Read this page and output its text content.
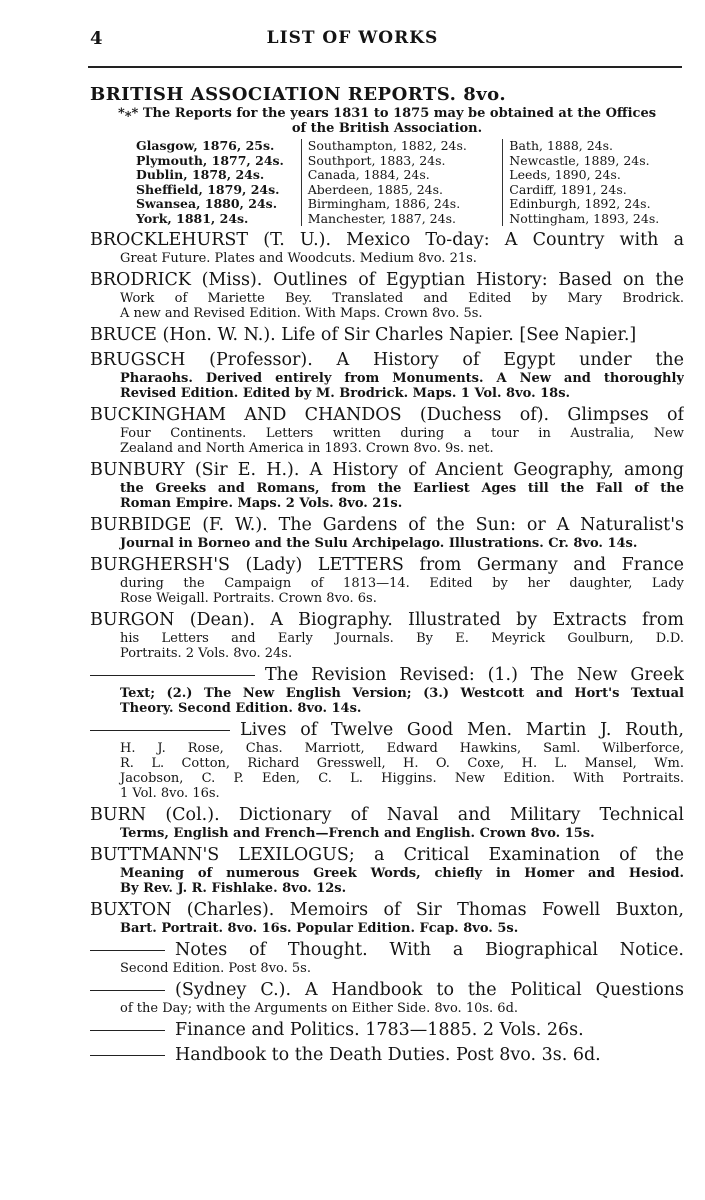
4	LIST OF WORKS
BRITISH ASSOCIATION REPORTS. 8vo.
*⁎* The Reports for the years 1831 to 1875 may be obtained at the Offices
of the British Association.
Glasgow, 1876, 25s.
Plymouth, 1877, 24s.
Dublin, 1878, 24s.
Sheffield, 1879, 24s.
Swansea, 1880, 24s.
York, 1881, 24s.
Southampton, 1882, 24s.
Southport, 1883, 24s.
Canada, 1884, 24s.
Aberdeen, 1885, 24s.
Birmingham, 1886, 24s.
Manchester, 1887, 24s.
Bath, 1888, 24s.
Newcastle, 1889, 24s.
Leeds, 1890, 24s.
Cardiff, 1891, 24s.
Edinburgh, 1892, 24s.
Nottingham, 1893, 24s.
BROCKLEHURST (T. U.). Mexico To-day: A Country with a
Great Future. Plates and Woodcuts. Medium 8vo. 21s.
BRODRICK (Miss). Outlines of Egyptian History: Based on the
Work of Mariette Bey. Translated and Edited by Mary Brodrick.
A new and Revised Edition. With Maps. Crown 8vo. 5s.
BRUCE (Hon. W. N.). Life of Sir Charles Napier. [See Napier.]
BRUGSCH (Professor). A History of Egypt under the
Pharaohs. Derived entirely from Monuments. A New and thoroughly
Revised Edition. Edited by M. Brodrick. Maps. 1 Vol. 8vo. 18s.
BUCKINGHAM AND CHANDOS (Duchess of). Glimpses of
Four Continents. Letters written during a tour in Australia, New
Zealand and North America in 1893. Crown 8vo. 9s. net.
BUNBURY (Sir E. H.). A History of Ancient Geography, among
the Greeks and Romans, from the Earliest Ages till the Fall of the
Roman Empire. Maps. 2 Vols. 8vo. 21s.
BURBIDGE (F. W.). The Gardens of the Sun: or A Naturalist's
Journal in Borneo and the Sulu Archipelago. Illustrations. Cr. 8vo. 14s.
BURGHERSH'S (Lady) LETTERS from Germany and France
during the Campaign of 1813—14. Edited by her daughter, Lady
Rose Weigall. Portraits. Crown 8vo. 6s.
BURGON (Dean). A Biography. Illustrated by Extracts from
his Letters and Early Journals. By E. Meyrick Goulburn, D.D.
Portraits. 2 Vols. 8vo. 24s.
The Revision Revised: (1.) The New Greek
Text; (2.) The New English Version; (3.) Westcott and Hort's Textual
Theory. Second Edition. 8vo. 14s.
Lives of Twelve Good Men. Martin J. Routh,
H. J. Rose, Chas. Marriott, Edward Hawkins, Saml. Wilberforce,
R. L. Cotton, Richard Gresswell, H. O. Coxe, H. L. Mansel, Wm.
Jacobson, C. P. Eden, C. L. Higgins. New Edition. With Portraits.
1 Vol. 8vo. 16s.
BURN (Col.). Dictionary of Naval and Military Technical
Terms, English and French—French and English. Crown 8vo. 15s.
BUTTMANN'S LEXILOGUS; a Critical Examination of the
Meaning of numerous Greek Words, chiefly in Homer and Hesiod.
By Rev. J. R. Fishlake. 8vo. 12s.
BUXTON (Charles). Memoirs of Sir Thomas Fowell Buxton,
Bart. Portrait. 8vo. 16s. Popular Edition. Fcap. 8vo. 5s.
Notes of Thought. With a Biographical Notice.
Second Edition. Post 8vo. 5s.
(Sydney C.). A Handbook to the Political Questions
of the Day; with the Arguments on Either Side. 8vo. 10s. 6d.
Finance and Politics. 1783—1885. 2 Vols. 26s.
Handbook to the Death Duties. Post 8vo. 3s. 6d.
